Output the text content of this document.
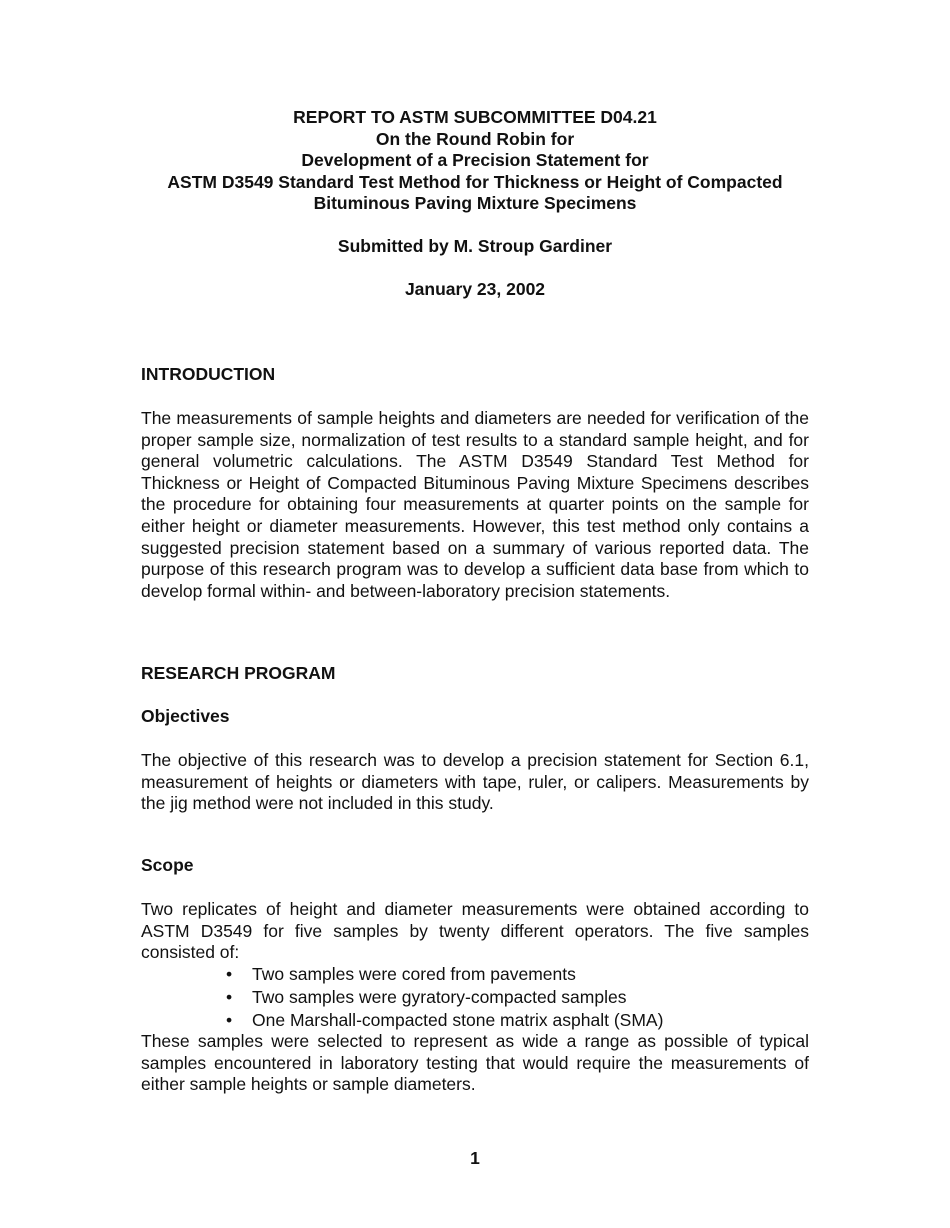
REPORT TO ASTM SUBCOMMITTEE D04.21
On the Round Robin for
Development of a Precision Statement for
ASTM D3549 Standard Test Method for Thickness or Height of Compacted
Bituminous Paving Mixture Specimens
Submitted by M. Stroup Gardiner
January 23, 2002
INTRODUCTION

The measurements of sample heights and diameters are needed for verification of the proper sample size, normalization of test results to a standard sample height, and for general volumetric calculations. The ASTM D3549 Standard Test Method for Thickness or Height of Compacted Bituminous Paving Mixture Specimens describes the procedure for obtaining four measurements at quarter points on the sample for either height or diameter measurements. However, this test method only contains a suggested precision statement based on a summary of various reported data. The purpose of this research program was to develop a sufficient data base from which to develop formal within- and between-laboratory precision statements.

RESEARCH PROGRAM
Objectives

The objective of this research was to develop a precision statement for Section 6.1, measurement of heights or diameters with tape, ruler, or calipers. Measurements by the jig method were not included in this study.

Scope

Two replicates of height and diameter measurements were obtained according to ASTM D3549 for five samples by twenty different operators. The five samples consisted of:

• Two samples were cored from pavements
• Two samples were gyratory-compacted samples
• One Marshall-compacted stone matrix asphalt (SMA)

These samples were selected to represent as wide a range as possible of typical samples encountered in laboratory testing that would require the measurements of either sample heights or sample diameters.

1
